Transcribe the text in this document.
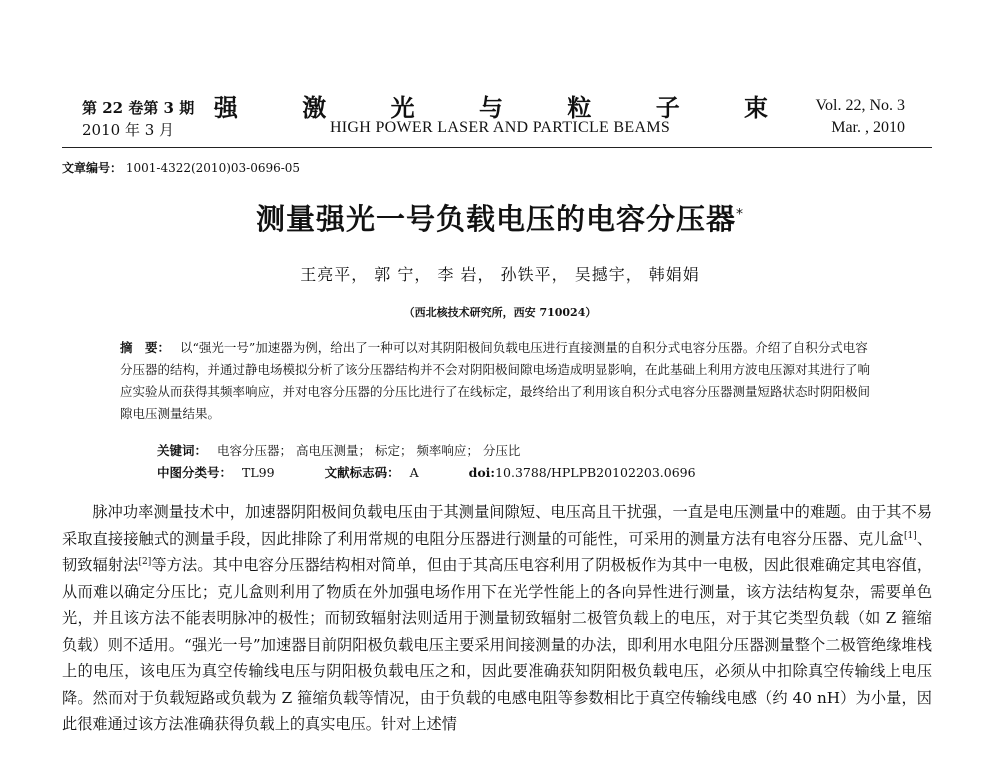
第 22 卷第 3 期
2010 年 3 月
强 激 光 与 粒 子 束
HIGH POWER LASER AND PARTICLE BEAMS
Vol. 22, No. 3
Mar. , 2010
文章编号： 1001-4322(2010)03-0696-05
测量强光一号负载电压的电容分压器*
王亮平， 郭 宁， 李 岩， 孙铁平， 吴撼宇， 韩娟娟
（西北核技术研究所，西安 710024）
摘　要： 以“强光一号”加速器为例，给出了一种可以对其阴阳极间负载电压进行直接测量的自积分式电容分压器。介绍了自积分式电容分压器的结构，并通过静电场模拟分析了该分压器结构并不会对阴阳极间隙电场造成明显影响，在此基础上利用方波电压源对其进行了响应实验从而获得其频率响应，并对电容分压器的分压比进行了在线标定，最终给出了利用该自积分式电容分压器测量短路状态时阴阳极间隙电压测量结果。
关键词： 电容分压器； 高电压测量； 标定； 频率响应； 分压比
中图分类号： TL99	文献标志码： A	doi:10.3788/HPLPB20102203.0696
脉冲功率测量技术中，加速器阴阳极间负载电压由于其测量间隙短、电压高且干扰强，一直是电压测量中的难题。由于其不易采取直接接触式的测量手段，因此排除了利用常规的电阻分压器进行测量的可能性，可采用的测量方法有电容分压器、克儿盒[1]、韧致辐射法[2]等方法。其中电容分压器结构相对简单，但由于其高压电容利用了阴极板作为其中一电极，因此很难确定其电容值，从而难以确定分压比；克儿盒则利用了物质在外加强电场作用下在光学性能上的各向异性进行测量，该方法结构复杂，需要单色光，并且该方法不能表明脉冲的极性；而韧致辐射法则适用于测量韧致辐射二极管负载上的电压，对于其它类型负载（如 Z 箍缩负载）则不适用。“强光一号”加速器目前阴阳极负载电压主要采用间接测量的办法，即利用水电阻分压器测量整个二极管绝缘堆栈上的电压，该电压为真空传输线电压与阴阳极负载电压之和，因此要准确获知阴阳极负载电压，必须从中扣除真空传输线上电压降。然而对于负载短路或负载为 Z 箍缩负载等情况，由于负载的电感电阻等参数相比于真空传输线电感（约 40 nH）为小量，因此很难通过该方法准确获得负载上的真实电压。针对上述情
